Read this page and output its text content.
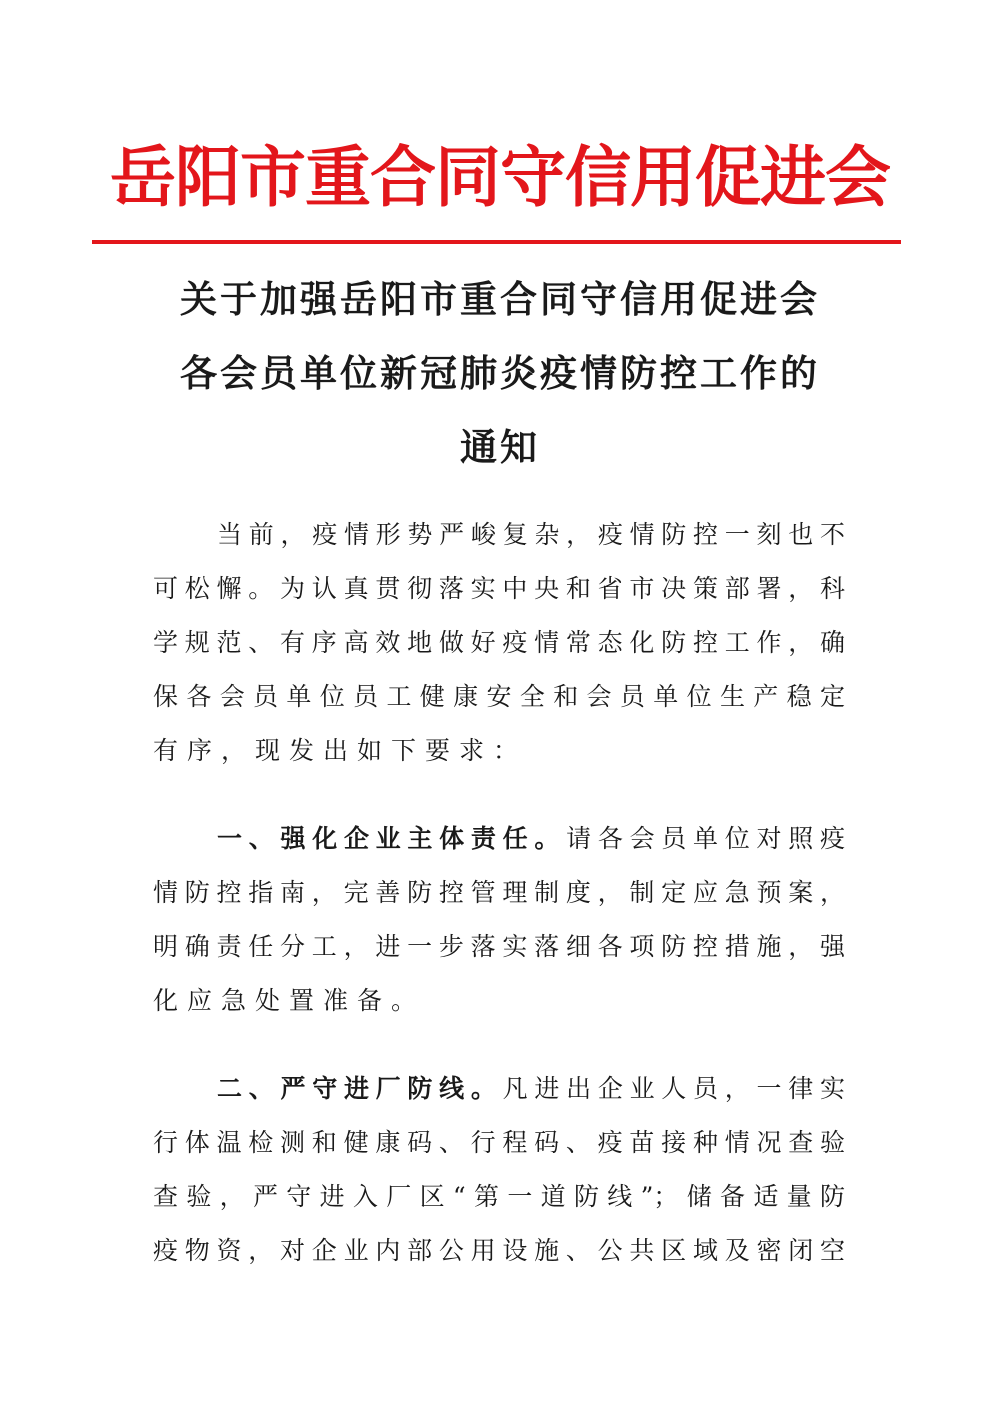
岳阳市重合同守信用促进会
关于加强岳阳市重合同守信用促进会
各会员单位新冠肺炎疫情防控工作的
通知

当前，疫情形势严峻复杂，疫情防控一刻也不
可松懈。为认真贯彻落实中央和省市决策部署，科
学规范、有序高效地做好疫情常态化防控工作，确
保各会员单位员工健康安全和会员单位生产稳定
有序，现发出如下要求：

一、强化企业主体责任。请各会员单位对照疫
情防控指南，完善防控管理制度，制定应急预案，
明确责任分工，进一步落实落细各项防控措施，强
化应急处置准备。

二、严守进厂防线。凡进出企业人员，一律实
行体温检测和健康码、行程码、疫苗接种情况查验
查验，严守进入厂区“第一道防线”；储备适量防
疫物资，对企业内部公用设施、公共区域及密闭空
